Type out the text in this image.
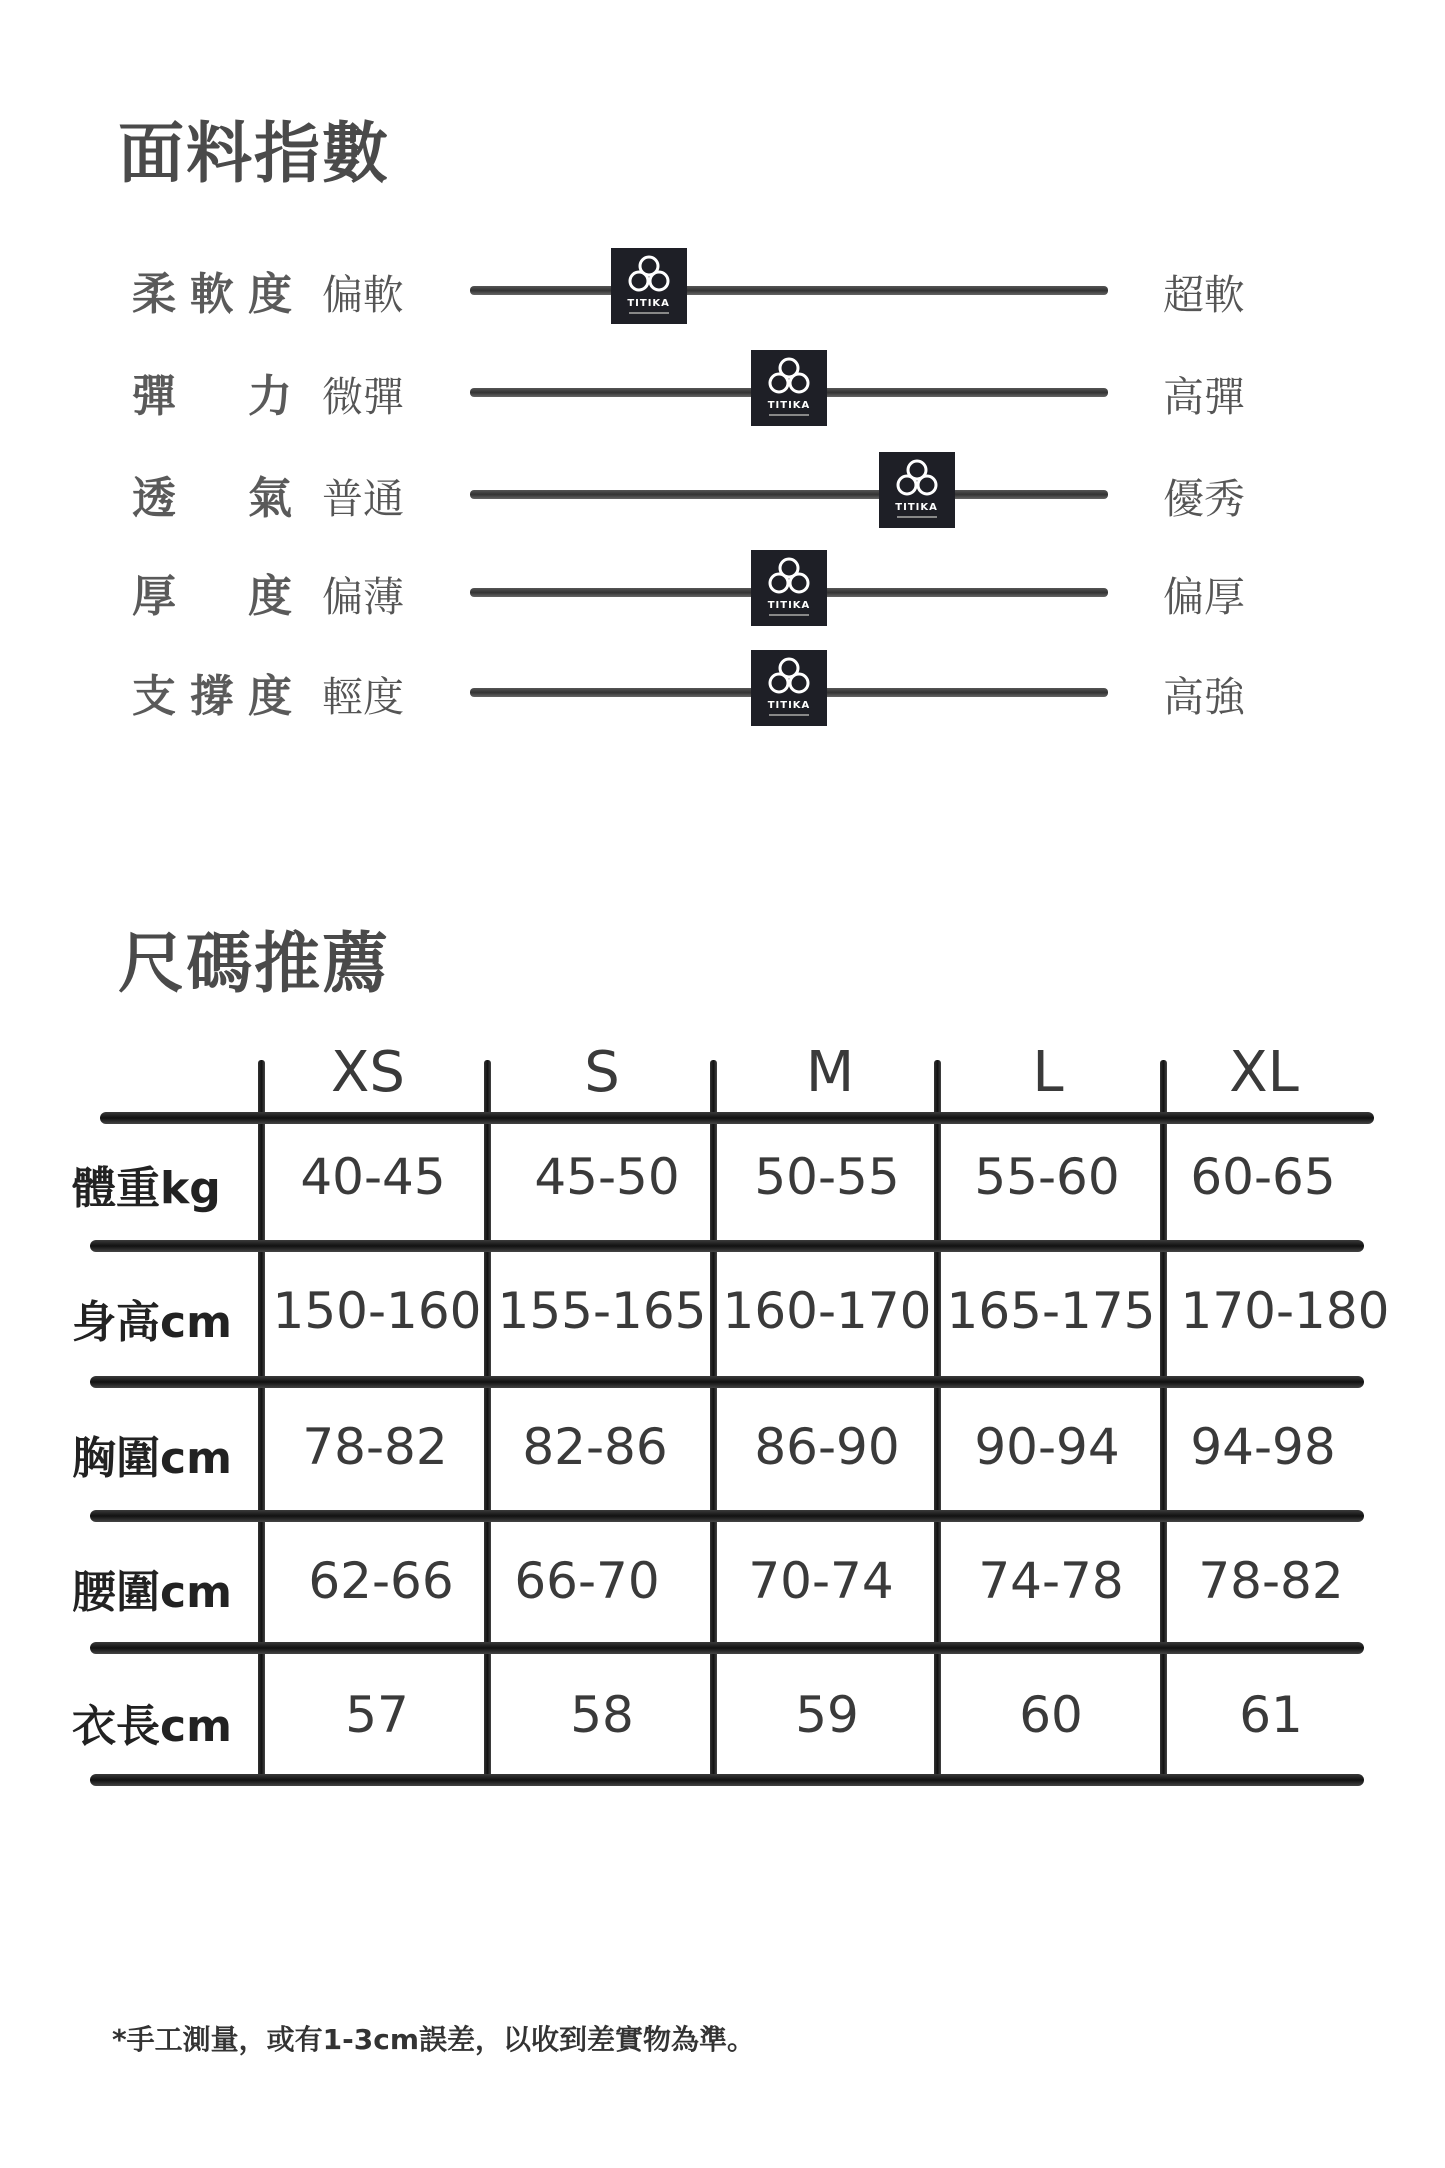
面料指數
柔軟度 偏軟	TITIKA	超軟
彈 力 微彈	TITIKA	高彈
透 氣 普通	TITIKA	優秀
厚 度 偏薄	TITIKA	偏厚
支撐度 輕度	TITIKA	高強
尺碼推薦
XS	S	M	L	XL
體重kg	40-45	45-50	50-55	55-60	60-65
身高cm 150-160 155-165 160-170 165-175 170-180
胸圍cm	78-82	82-86	86-90	90-94	94-98
腰圍cm	62-66	66-70	70-74	74-78	78-82
衣長cm	57	58	59	60	61
*手工測量，或有1-3cm誤差，以收到差實物為準。
